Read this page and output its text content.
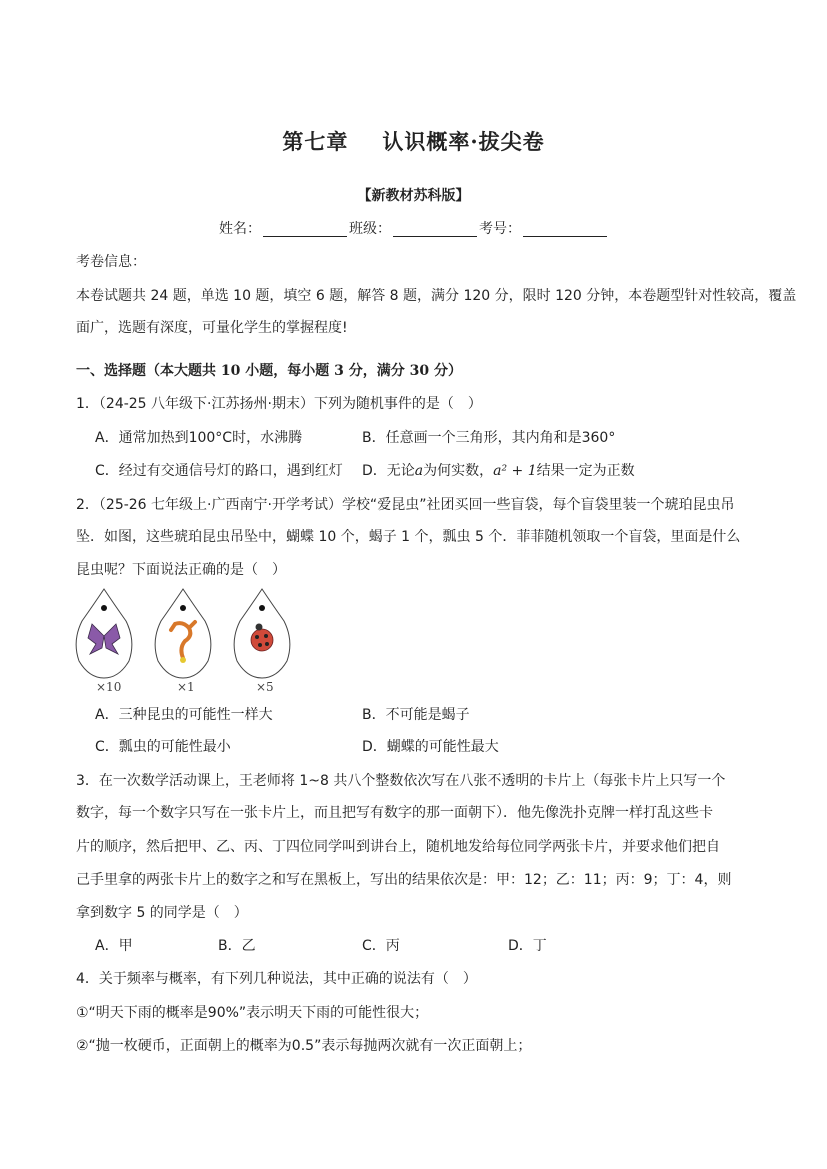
第七章 认识概率·拔尖卷
【新教材苏科版】
姓名：	班级：	考号：
考卷信息：
本卷试题共 24 题，单选 10 题，填空 6 题，解答 8 题，满分 120 分，限时 120 分钟，本卷题型针对性较高，覆盖
面广，选题有深度，可量化学生的掌握程度!
一、选择题（本大题共 10 小题，每小题 3 分，满分 30 分）
1．（24-25 八年级下·江苏扬州·期末）下列为随机事件的是（　）
A．通常加热到100°C时，水沸腾	B．任意画一个三角形，其内角和是360°
C．经过有交通信号灯的路口，遇到红灯 D．无论a为何实数，a² + 1结果一定为正数
2．（25-26 七年级上·广西南宁·开学考试）学校“爱昆虫”社团买回一些盲袋，每个盲袋里装一个琥珀昆虫吊
坠．如图，这些琥珀昆虫吊坠中，蝴蝶 10 个，蝎子 1 个，瓢虫 5 个．菲菲随机领取一个盲袋，里面是什么
昆虫呢？下面说法正确的是（　）
×10	×1	×5
A．三种昆虫的可能性一样大	B．不可能是蝎子
C．瓢虫的可能性最小	D．蝴蝶的可能性最大
3．在一次数学活动课上，王老师将 1~8 共八个整数依次写在八张不透明的卡片上（每张卡片上只写一个
数字，每一个数字只写在一张卡片上，而且把写有数字的那一面朝下）．他先像洗扑克牌一样打乱这些卡
片的顺序，然后把甲、乙、丙、丁四位同学叫到讲台上，随机地发给每位同学两张卡片，并要求他们把自
己手里拿的两张卡片上的数字之和写在黑板上，写出的结果依次是：甲：12；乙：11；丙：9；丁：4，则
拿到数字 5 的同学是（　）
A．甲	B．乙	C．丙	D．丁
4．关于频率与概率，有下列几种说法，其中正确的说法有（　）
①“明天下雨的概率是90%”表示明天下雨的可能性很大；
②“抛一枚硬币，正面朝上的概率为0.5”表示每抛两次就有一次正面朝上；
